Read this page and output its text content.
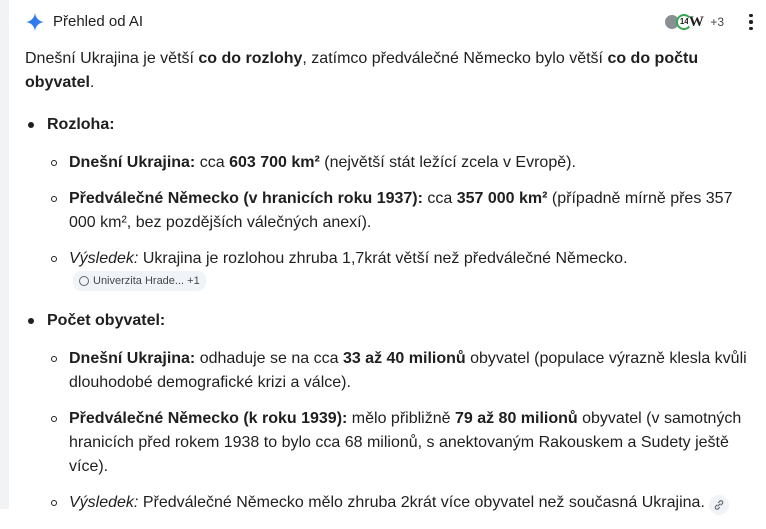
Přehled od AI	14 W +3

Dnešní Ukrajina je větší co do rozlohy, zatímco předválečné Německo bylo větší co do počtu obyvatel.

Rozloha:
Dnešní Ukrajina: cca 603 700 km² (největší stát ležící zcela v Evropě).
Předválečné Německo (v hranicích roku 1937): cca 357 000 km² (případně mírně přes 357 000 km², bez pozdějších válečných anexí).
Výsledek: Ukrajina je rozlohou zhruba 1,7krát větší než předválečné Německo.
Univerzita Hrade... +1
Počet obyvatel:
Dnešní Ukrajina: odhaduje se na cca 33 až 40 milionů obyvatel (populace výrazně klesla kvůli dlouhodobé demografické krizi a válce).
Předválečné Německo (k roku 1939): mělo přibližně 79 až 80 milionů obyvatel (v samotných hranicích před rokem 1938 to bylo cca 68 milionů, s anektovaným Rakouskem a Sudety ještě více).
Výsledek: Předválečné Německo mělo zhruba 2krát více obyvatel než současná Ukrajina.
